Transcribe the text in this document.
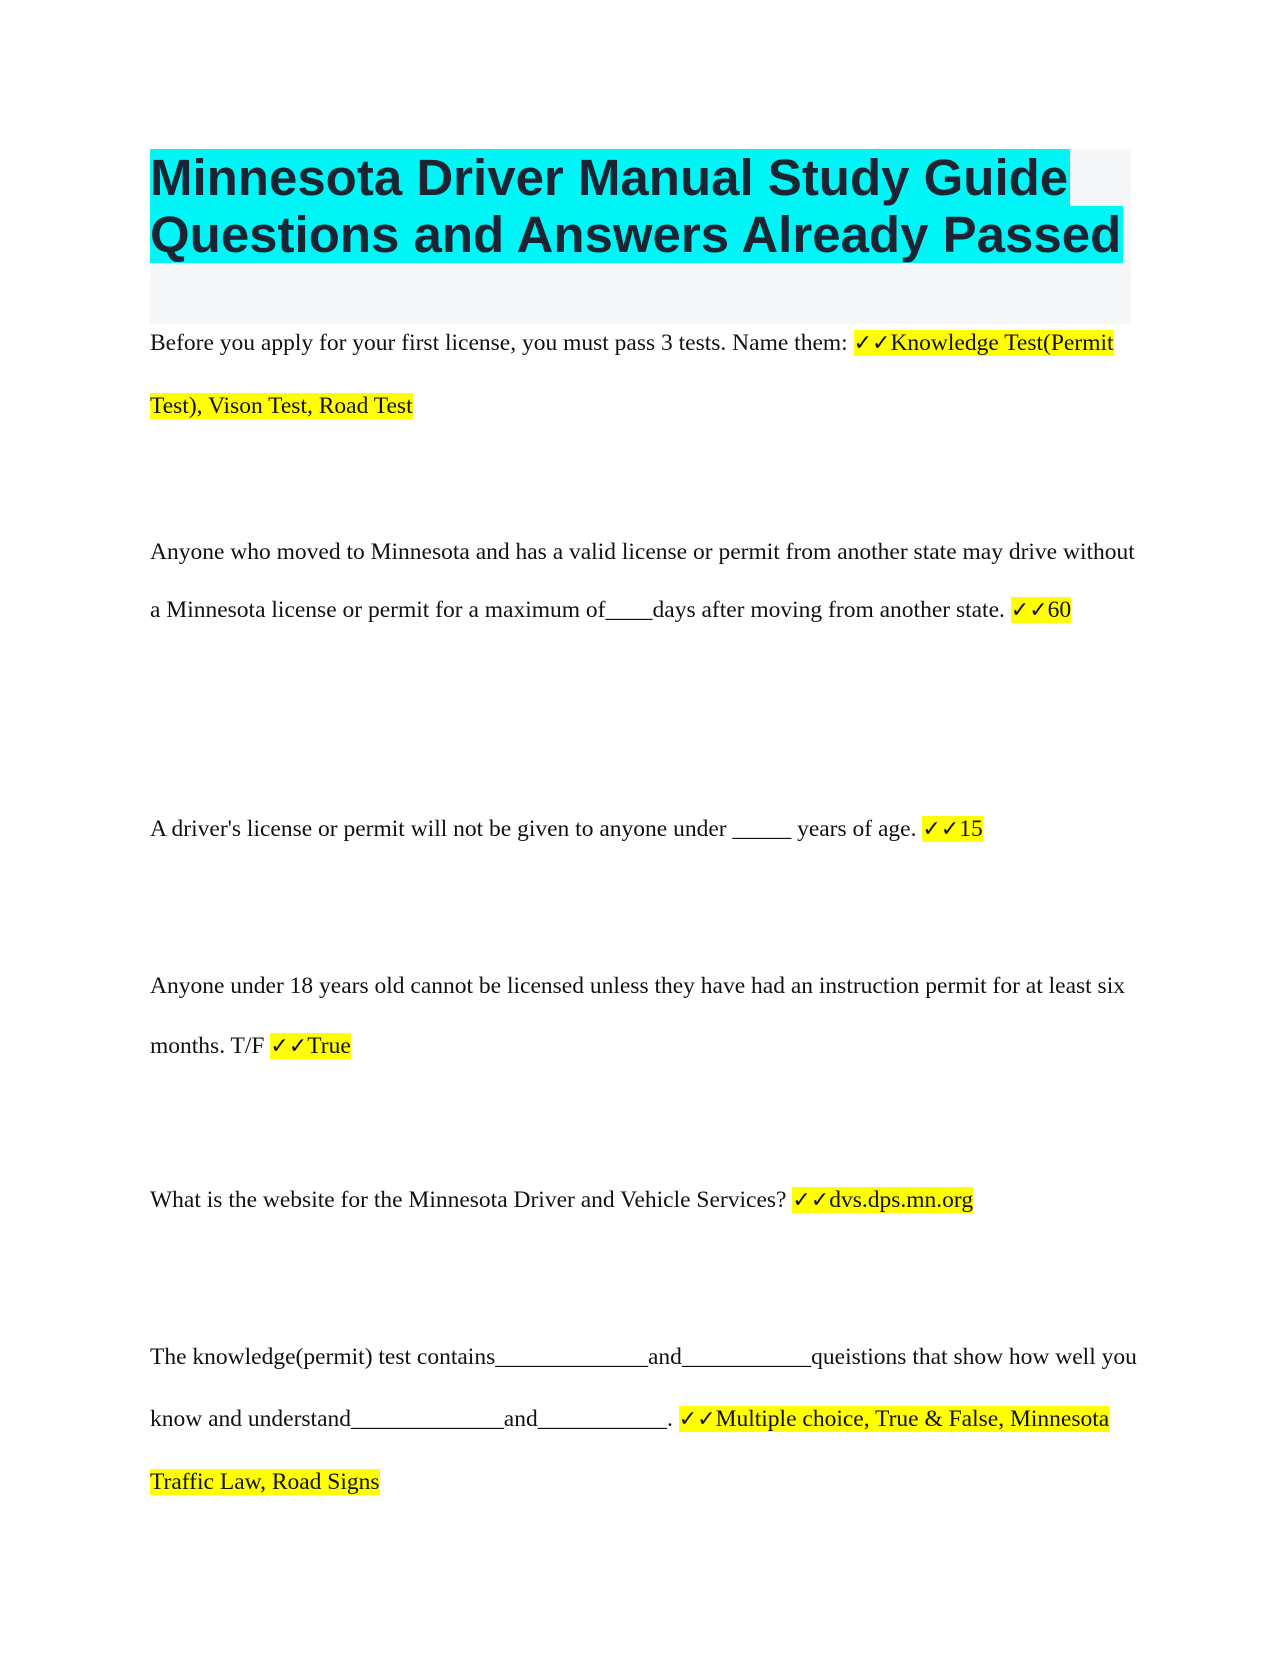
Minnesota Driver Manual Study Guide
Questions and Answers Already Passed

Before you apply for your first license, you must pass 3 tests. Name them: ✓✓Knowledge Test(Permit Test), Vison Test, Road Test

Anyone who moved to Minnesota and has a valid license or permit from another state may drive without a Minnesota license or permit for a maximum of____days after moving from another state. ✓✓60

A driver's license or permit will not be given to anyone under _____ years of age. ✓✓15

Anyone under 18 years old cannot be licensed unless they have had an instruction permit for at least six months. T/F ✓✓True

What is the website for the Minnesota Driver and Vehicle Services? ✓✓dvs.dps.mn.org

The knowledge(permit) test contains_____________and___________queistions that show how well you know and understand_____________and___________. ✓✓Multiple choice, True & False, Minnesota Traffic Law, Road Signs
